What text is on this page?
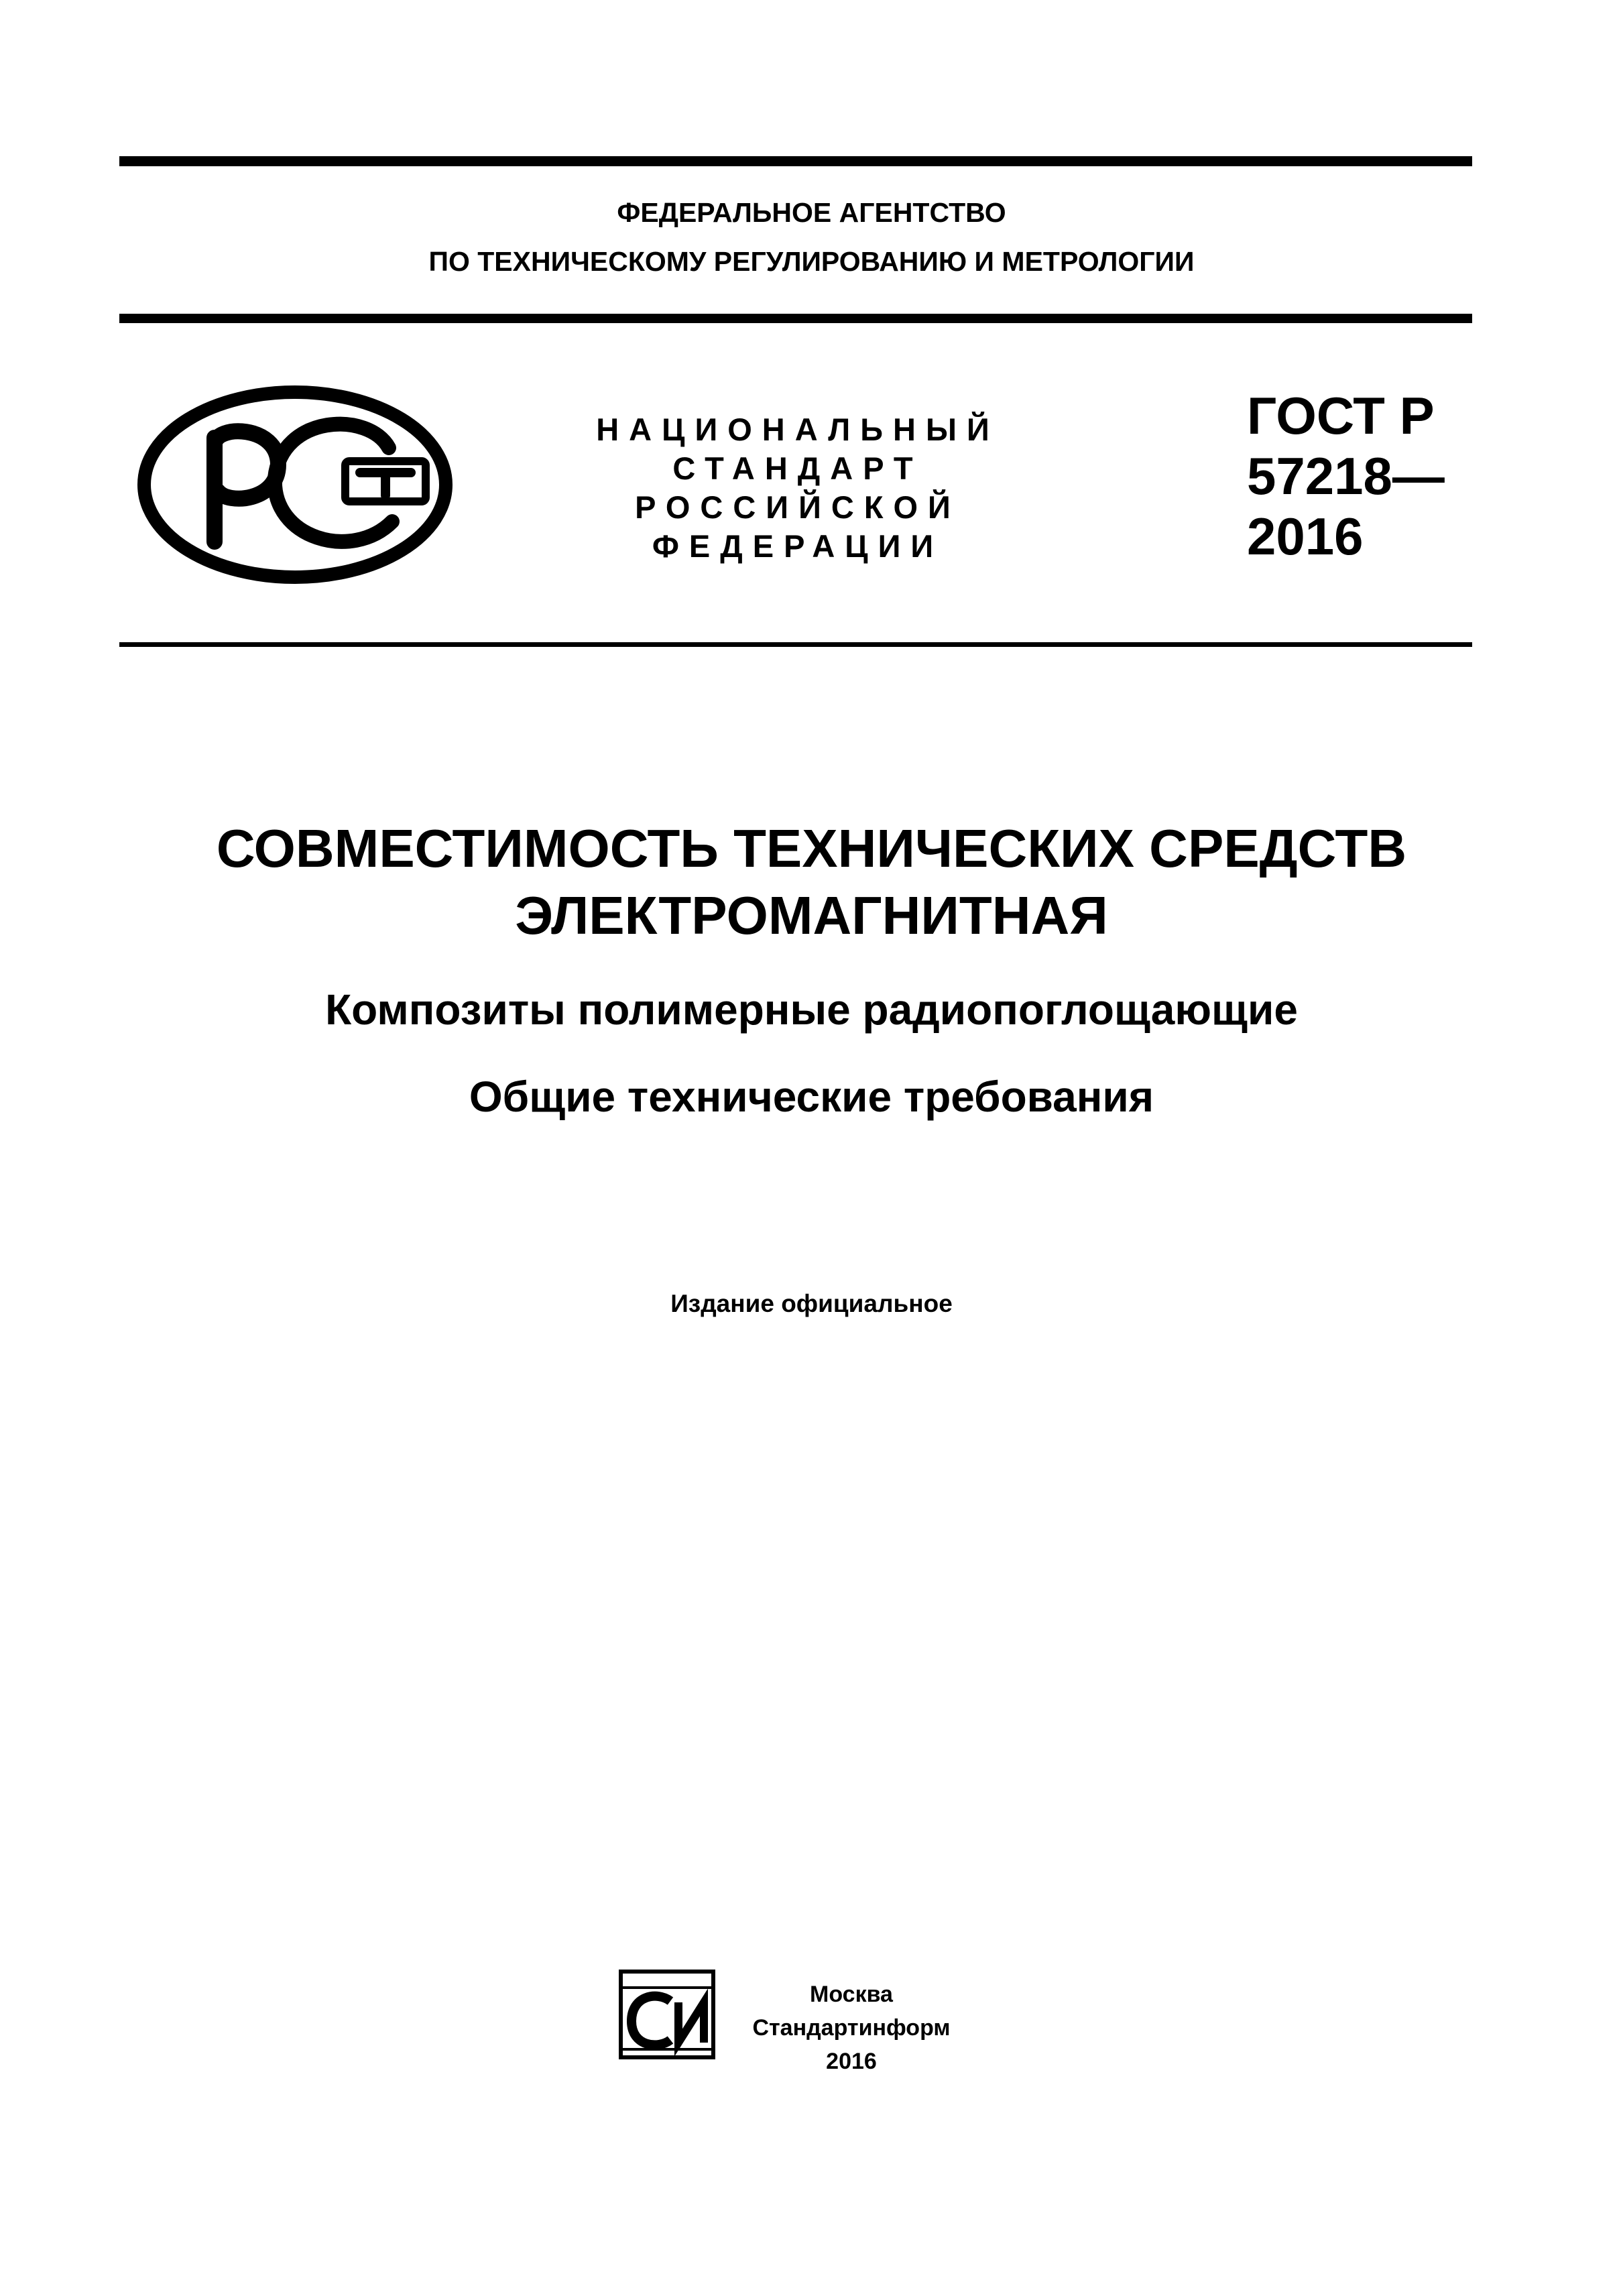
ФЕДЕРАЛЬНОЕ АГЕНТСТВО
ПО ТЕХНИЧЕСКОМУ РЕГУЛИРОВАНИЮ И МЕТРОЛОГИИ
НАЦИОНАЛЬНЫЙ
СТАНДАРТ
РОССИЙСКОЙ
ФЕДЕРАЦИИ
ГОСТ Р
57218—
2016
СОВМЕСТИМОСТЬ ТЕХНИЧЕСКИХ СРЕДСТВ
ЭЛЕКТРОМАГНИТНАЯ
Композиты полимерные радиопоглощающие
Общие технические требования
Издание официальное
Москва
Стандартинформ
2016
